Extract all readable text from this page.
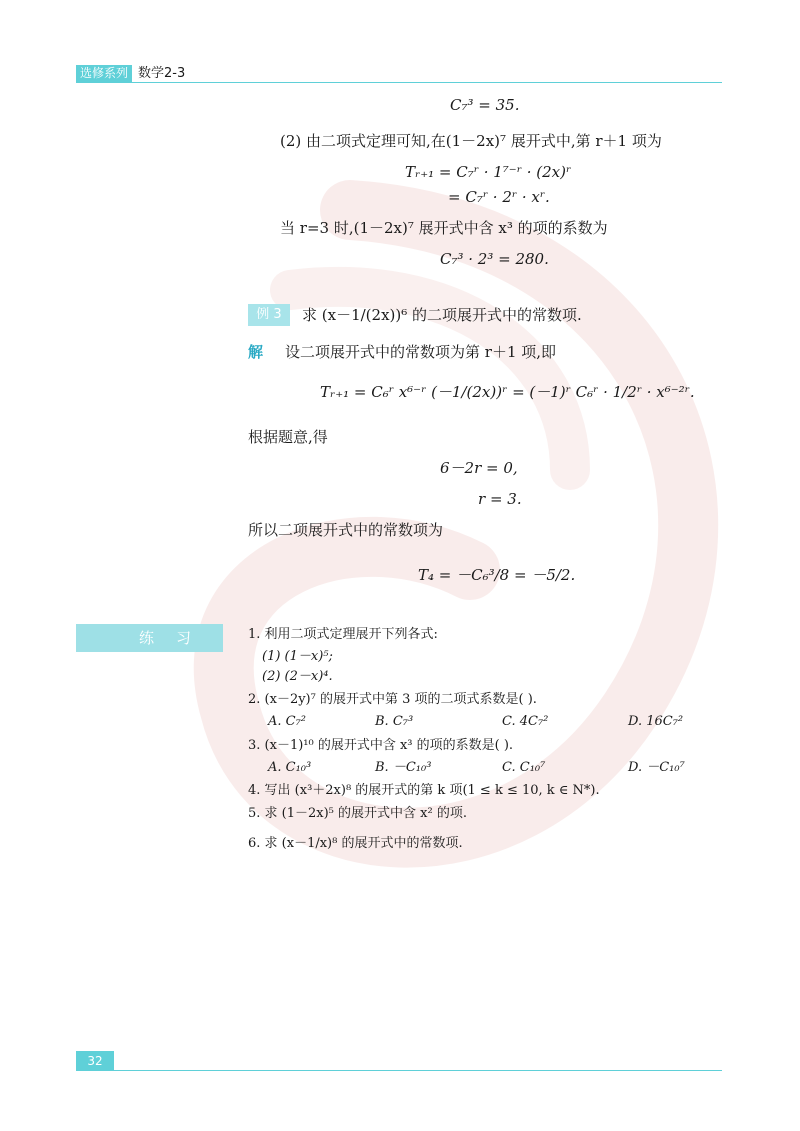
选修系列 数学2-3
C₇³ = 35.
(2) 由二项式定理可知,在(1－2x)⁷ 展开式中,第 r＋1 项为
Tᵣ₊₁ = C₇ʳ · 1⁷⁻ʳ · (2x)ʳ
= C₇ʳ · 2ʳ · xʳ.
当 r=3 时,(1－2x)⁷ 展开式中含 x³ 的项的系数为
C₇³ · 2³ = 280.
例 3	求 (x－1/(2x))⁶ 的二项展开式中的常数项.
解 设二项展开式中的常数项为第 r＋1 项,即
Tᵣ₊₁ = C₆ʳ x⁶⁻ʳ (－1/(2x))ʳ = (－1)ʳ C₆ʳ · 1/2ʳ · x⁶⁻²ʳ.
根据题意,得
6－2r = 0,
r = 3.
所以二项展开式中的常数项为
T₄ = －C₆³/8 = －5/2.
练习	1. 利用二项式定理展开下列各式:
(1) (1－x)⁵;
(2) (2－x)⁴.
2. (x－2y)⁷ 的展开式中第 3 项的二项式系数是( ).
A. C₇²	B. C₇³	C. 4C₇²	D. 16C₇²
3. (x－1)¹⁰ 的展开式中含 x³ 的项的系数是( ).
A. C₁₀³	B. －C₁₀³	C. C₁₀⁷	D. －C₁₀⁷
4. 写出 (x³＋2x)⁸ 的展开式的第 k 项(1 ≤ k ≤ 10, k ∈ N*).
5. 求 (1－2x)⁵ 的展开式中含 x² 的项.
6. 求 (x－1/x)⁸ 的展开式中的常数项.
32
